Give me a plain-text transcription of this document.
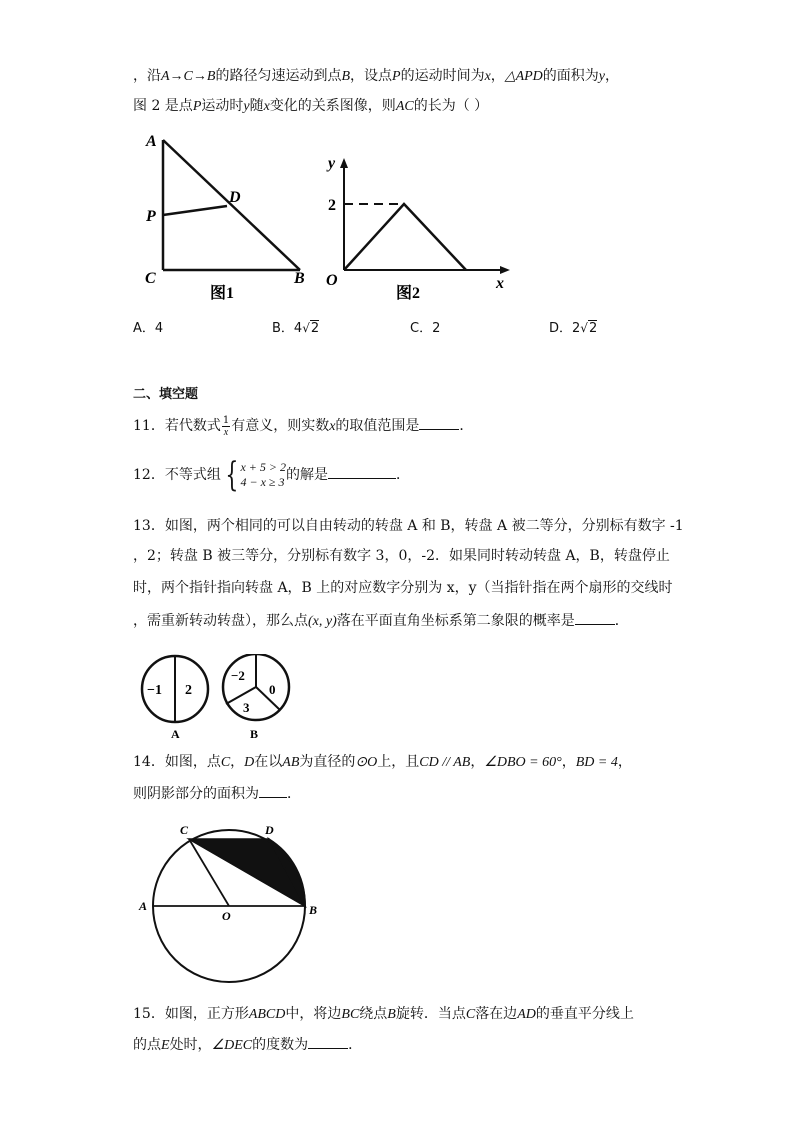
，沿A→C→B的路径匀速运动到点B，设点P的运动时间为x，△APD的面积为y，
图 2 是点P运动时y随x变化的关系图像，则AC的长为（ ）
A
P
D
C	B
图1
y
2
O	x
图2
A．4	B．4√2	C．2	D．2√2
二、填空题
11．若代数式 $\frac{1}{x}$ 有意义，则实数x的取值范围是	．
12．不等式组 { x + 5 > 2
4 − x ≥ 3 的解是	．
13．如图，两个相同的可以自由转动的转盘 A 和 B，转盘 A 被二等分，分别标有数字 -1
，2；转盘 B 被三等分，分别标有数字 3，0，-2．如果同时转动转盘 A，B，转盘停止
时，两个指针指向转盘 A，B 上的对应数字分别为 x，y（当指针指在两个扇形的交线时
，需重新转动转盘），那么点(x, y)落在平面直角坐标系第二象限的概率是	．
−1 2
A
−2
0
3
B
14．如图，点C，D在以AB为直径的⊙O上，且CD // AB，∠DBO = 60°，BD = 4，
则阴影部分的面积为 ．
C	D
A
O	B
15．如图，正方形ABCD中，将边BC绕点B旋转．当点C落在边AD的垂直平分线上
的点E处时，∠DEC的度数为	．
